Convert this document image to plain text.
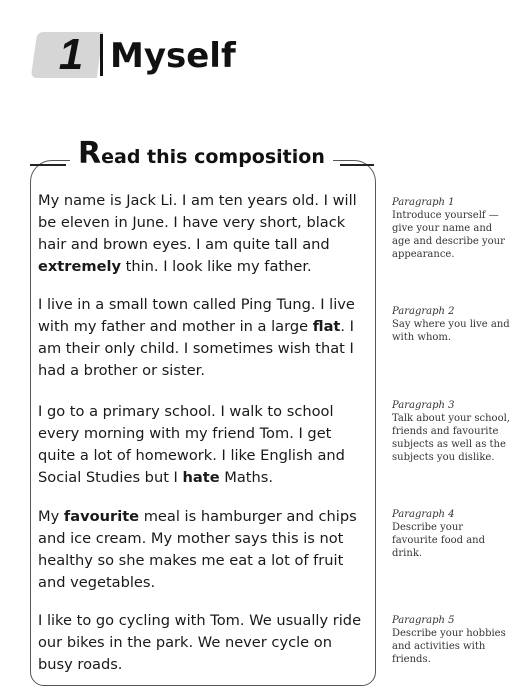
1 Myself
Read this composition
My name is Jack Li. I am ten years old. I will be eleven in June. I have very short, black hair and brown eyes. I am quite tall and extremely thin. I look like my father.
I live in a small town called Ping Tung. I live with my father and mother in a large flat. I am their only child. I sometimes wish that I had a brother or sister.
I go to a primary school. I walk to school every morning with my friend Tom. I get quite a lot of homework. I like English and Social Studies but I hate Maths.
My favourite meal is hamburger and chips and ice cream. My mother says this is not healthy so she makes me eat a lot of fruit and vegetables.
I like to go cycling with Tom. We usually ride our bikes in the park. We never cycle on busy roads.
Paragraph 1
Introduce yourself — give your name and age and describe your appearance.
Paragraph 2
Say where you live and with whom.
Paragraph 3
Talk about your school, friends and favourite subjects as well as the subjects you dislike.
Paragraph 4
Describe your favourite food and drink.
Paragraph 5
Describe your hobbies and activities with friends.
